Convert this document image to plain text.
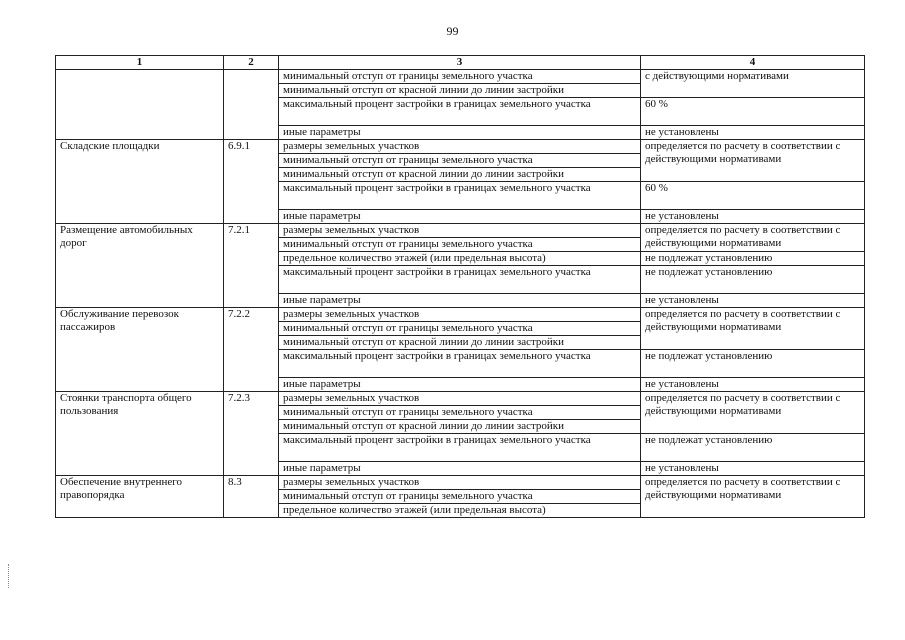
99
1	2	3	4
		минимальный отступ от границы земельного участка	с действующими нормативами
		минимальный отступ от красной линии до линии застройки	
		максимальный процент застройки в границах земельного участка	60 %
		иные параметры	не установлены
Складские площадки	6.9.1	размеры земельных участков	определяется по расчету в соответствии с действующими нормативами
		минимальный отступ от границы земельного участка	
		минимальный отступ от красной линии до линии застройки	
		максимальный процент застройки в границах земельного участка	60 %
		иные параметры	не установлены
Размещение автомобильных дорог	7.2.1	размеры земельных участков	определяется по расчету в соответствии с действующими нормативами
		минимальный отступ от границы земельного участка	
		предельное количество этажей (или предельная высота)	не подлежат установлению
		максимальный процент застройки в границах земельного участка	не подлежат установлению
		иные параметры	не установлены
Обслуживание перевозок пассажиров	7.2.2	размеры земельных участков	определяется по расчету в соответствии с действующими нормативами
		минимальный отступ от границы земельного участка	
		минимальный отступ от красной линии до линии застройки	
		максимальный процент застройки в границах земельного участка	не подлежат установлению
		иные параметры	не установлены
Стоянки транспорта общего пользования	7.2.3	размеры земельных участков	определяется по расчету в соответствии с действующими нормативами
		минимальный отступ от границы земельного участка	
		минимальный отступ от красной линии до линии застройки	
		максимальный процент застройки в границах земельного участка	не подлежат установлению
		иные параметры	не установлены
Обеспечение внутреннего правопорядка	8.3	размеры земельных участков	определяется по расчету в соответствии с действующими нормативами
		минимальный отступ от границы земельного участка	
		предельное количество этажей (или предельная высота)	
